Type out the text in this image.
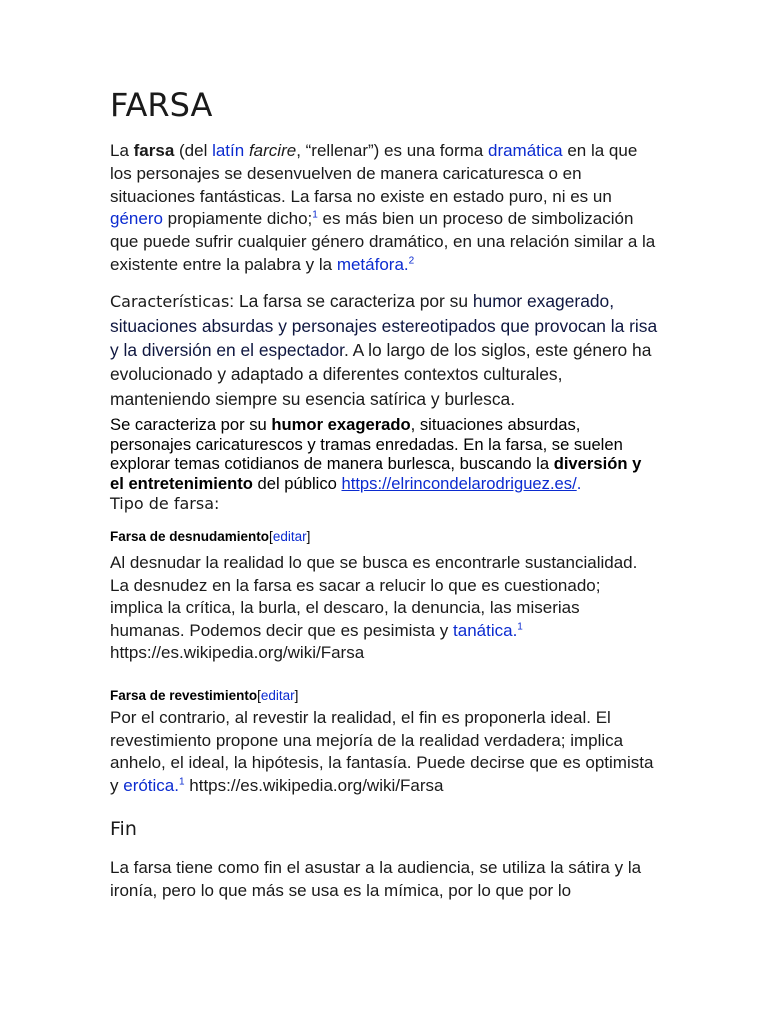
FARSA

La farsa (del latín farcire, “rellenar”) es una forma dramática en la que los personajes se desenvuelven de manera caricaturesca o en situaciones fantásticas. La farsa no existe en estado puro, ni es un género propiamente dicho;$^1$ es más bien un proceso de simbolización que puede sufrir cualquier género dramático, en una relación similar a la existente entre la palabra y la metáfora.$^2$

Características: La farsa se caracteriza por su humor exagerado, situaciones absurdas y personajes estereotipados que provocan la risa y la diversión en el espectador. A lo largo de los siglos, este género ha evolucionado y adaptado a diferentes contextos culturales, manteniendo siempre su esencia satírica y burlesca.

Se caracteriza por su humor exagerado, situaciones absurdas, personajes caricaturescos y tramas enredadas. En la farsa, se suelen explorar temas cotidianos de manera burlesca, buscando la diversión y el entretenimiento del público https://elrincondelarodriguez.es/.

Tipo de farsa:
Farsa de desnudamiento[editar]

Al desnudar la realidad lo que se busca es encontrarle sustancialidad. La desnudez en la farsa es sacar a relucir lo que es cuestionado; implica la crítica, la burla, el descaro, la denuncia, las miserias humanas. Podemos decir que es pesimista y tanática.$^1$
https://es.wikipedia.org/wiki/Farsa

Farsa de revestimiento[editar]

Por el contrario, al revestir la realidad, el fin es proponerla ideal. El revestimiento propone una mejoría de la realidad verdadera; implica anhelo, el ideal, la hipótesis, la fantasía. Puede decirse que es optimista y erótica.$^1$ https://es.wikipedia.org/wiki/Farsa

Fin

La farsa tiene como fin el asustar a la audiencia, se utiliza la sátira y la ironía, pero lo que más se usa es la mímica, por lo que por lo
